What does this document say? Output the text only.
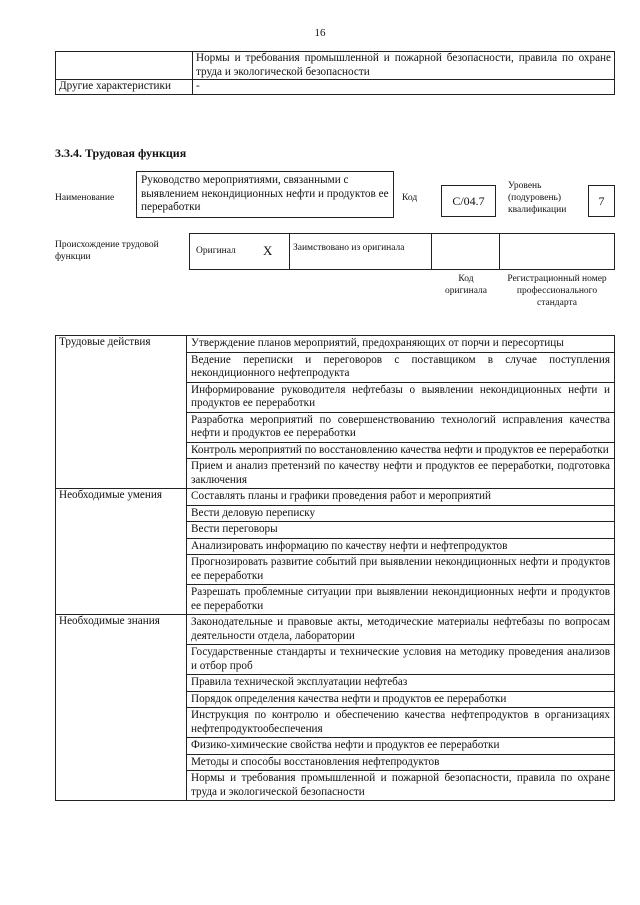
16
	Нормы и требования промышленной и пожарной безопасности, правила по охране труда и экологической безопасности
Другие характеристики	-
3.3.4. Трудовая функция
Наименование
Руководство мероприятиями, связанными с выявлением некондиционных нефти и продуктов ее переработки
Код	C/04.7
Уровень (подуровень) квалификации
7
Происхождение трудовой функции
Оригинал X	Заимствовано из оригинала
Код оригинала
Регистрационный номер профессионального стандарта
Трудовые действия	Утверждение планов мероприятий, предохраняющих от порчи и пересортицы
	Ведение переписки и переговоров с поставщиком в случае поступления некондиционного нефтепродукта
	Информирование руководителя нефтебазы о выявлении некондиционных нефти и продуктов ее переработки
	Разработка мероприятий по совершенствованию технологий исправления качества нефти и продуктов ее переработки
	Контроль мероприятий по восстановлению качества нефти и продуктов ее переработки
	Прием и анализ претензий по качеству нефти и продуктов ее переработки, подготовка заключения
Необходимые умения	Составлять планы и графики проведения работ и мероприятий
	Вести деловую переписку
	Вести переговоры
	Анализировать информацию по качеству нефти и нефтепродуктов
	Прогнозировать развитие событий при выявлении некондиционных нефти и продуктов ее переработки
	Разрешать проблемные ситуации при выявлении некондиционных нефти и продуктов ее переработки
Необходимые знания	Законодательные и правовые акты, методические материалы нефтебазы по вопросам деятельности отдела, лаборатории
	Государственные стандарты и технические условия на методику проведения анализов и отбор проб
	Правила технической эксплуатации нефтебаз
	Порядок определения качества нефти и продуктов ее переработки
	Инструкция по контролю и обеспечению качества нефтепродуктов в организациях нефтепродуктообеспечения
	Физико-химические свойства нефти и продуктов ее переработки
	Методы и способы восстановления нефтепродуктов
	Нормы и требования промышленной и пожарной безопасности, правила по охране труда и экологической безопасности
